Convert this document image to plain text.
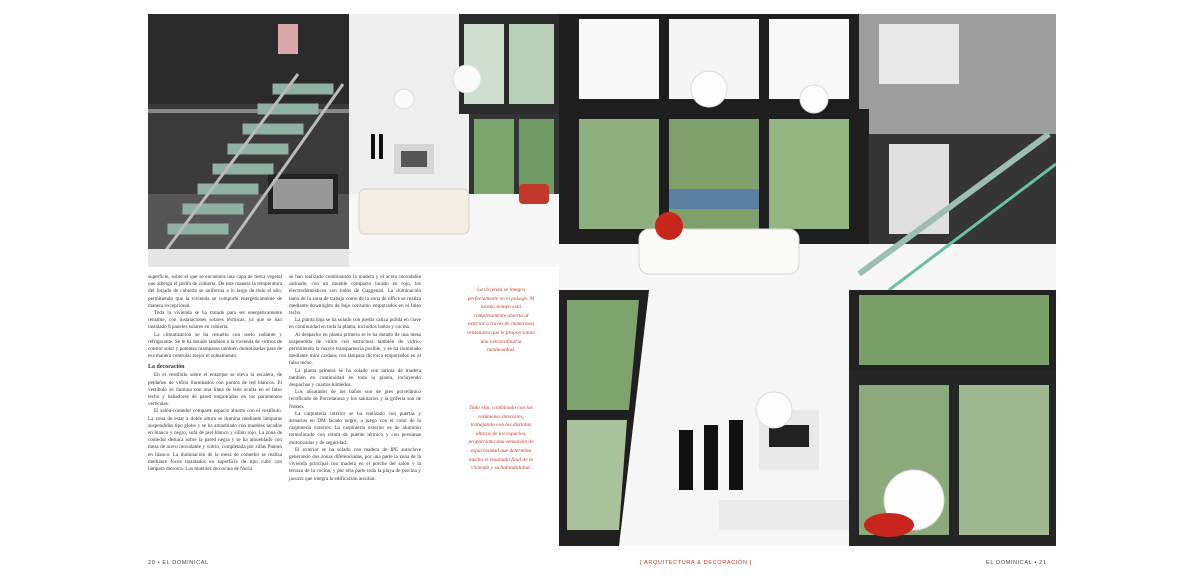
superficie, sobre el que se encuentra una capa de tierra vegetal que alberga el jardín de cubierta. De este manera la temperatura del forjado de cubierta se uniforma a lo largo de todo el año, permitiendo que la vivienda se comporte energéticamente de manera excepcional.

Toda la vivienda se ha tratado para ser energéticamente rentable, con instalaciones solares térmicas, ya que se han instalado 8 paneles solares en cubierta.

La climatización se ha resuelto con suelo radiante y refrigerante. Se le ha dotado también a la vivienda de vidrios de control solar y potentes mamparas también domotizadas para de esa manera controlar mejor el soleamiento.

La decoración

En el vestíbulo sobre el entarque se eleva la escalera, de peldaños de vidrio iluminados con puntos de led blancos. El vestíbulo se ilumina con una línea de leds oculta en el falso techo y bañadores de pared empotrados en los paramentos verticales.

El salón-comedor comparte espacio abierto con el vestíbulo. La zona de estar a doble altura se ilumina mediante lámparas suspendidas tipo globo y se ha amueblado con muebles lacados en blanco y negro, sofá de piel blanco y sillón rojo. La zona de comedor destaca sobre la pared negra y se ha amueblado con mesa de acero inoxidable y vidrio, completada por sillas Panton en blanco. La iluminación de la mesa de comedor se realiza mediante focos instalados en superficie de tipo cubo con lámpara dicroica. Los muebles de cocina de Nuria

se han realizado combinando la madera y el acero inoxidable satinado, con un mueble compacto lacado en rojo, los electrodomésticos son todos de Gaggenau. La iluminación tanto de la zona de trabajo como de la zona de office se realiza mediante downlights de bajo consumo empotrados en el falso techo.

La planta baja se ha solado con piedra caliza pulida en clave en continuidad en toda la planta, incluidos baños y cocina.

Al despacho en planta primera se le ha dotado de una mesa suspendida de vidrio con estructura también de vidrio, permitiendo la mayor transparencia posible, y se ha iluminado mediante mini cardans con lámpara dicroica empotrados en el falso techo.

La planta primera se ha solado con tarima de madera también en continuidad en toda la planta, incluyendo despachos y cuartos húmedos.

Los alicatados de los baños son de gres porcelánico rectificado de Porcelanosa y los sanitarios y la grifería son de Noken.

La carpintería interior se ha realizado con puertas y armarios en DM lacado negro, a juego con el color de la carpintería exterior. La carpintería exterior es de aluminio termolacado con rotura de puente térmico y con persianas motorizadas y de seguridad.

El exterior se ha solado con madera de IPE autoclave generando dos zonas diferenciadas, por una parte la zona de la vivienda principal con madera en el porche del salón y la terraza de la cocina, y por otra parte toda la playa de piscina y jacuzzi que integra la edificación auxiliar.

La vivienda se integra perfectamente en el paisaje. Al mismo tiempo está completamente abierta al exterior a través de numerosos ventanales que le proporcionan una extraordinaria luminosidad.
Todo ello, combinado con los volúmenes interiores, trabajando con las distintas alturas de los espacios, proporciona una sensación de espaciosidad que determina mucho el resultado final de la vivienda y su habitabilidad.
20 • EL DOMINICAL	[ ARQUITECTURA & DECORACIÓN ]	EL DOMINICAL • 21
